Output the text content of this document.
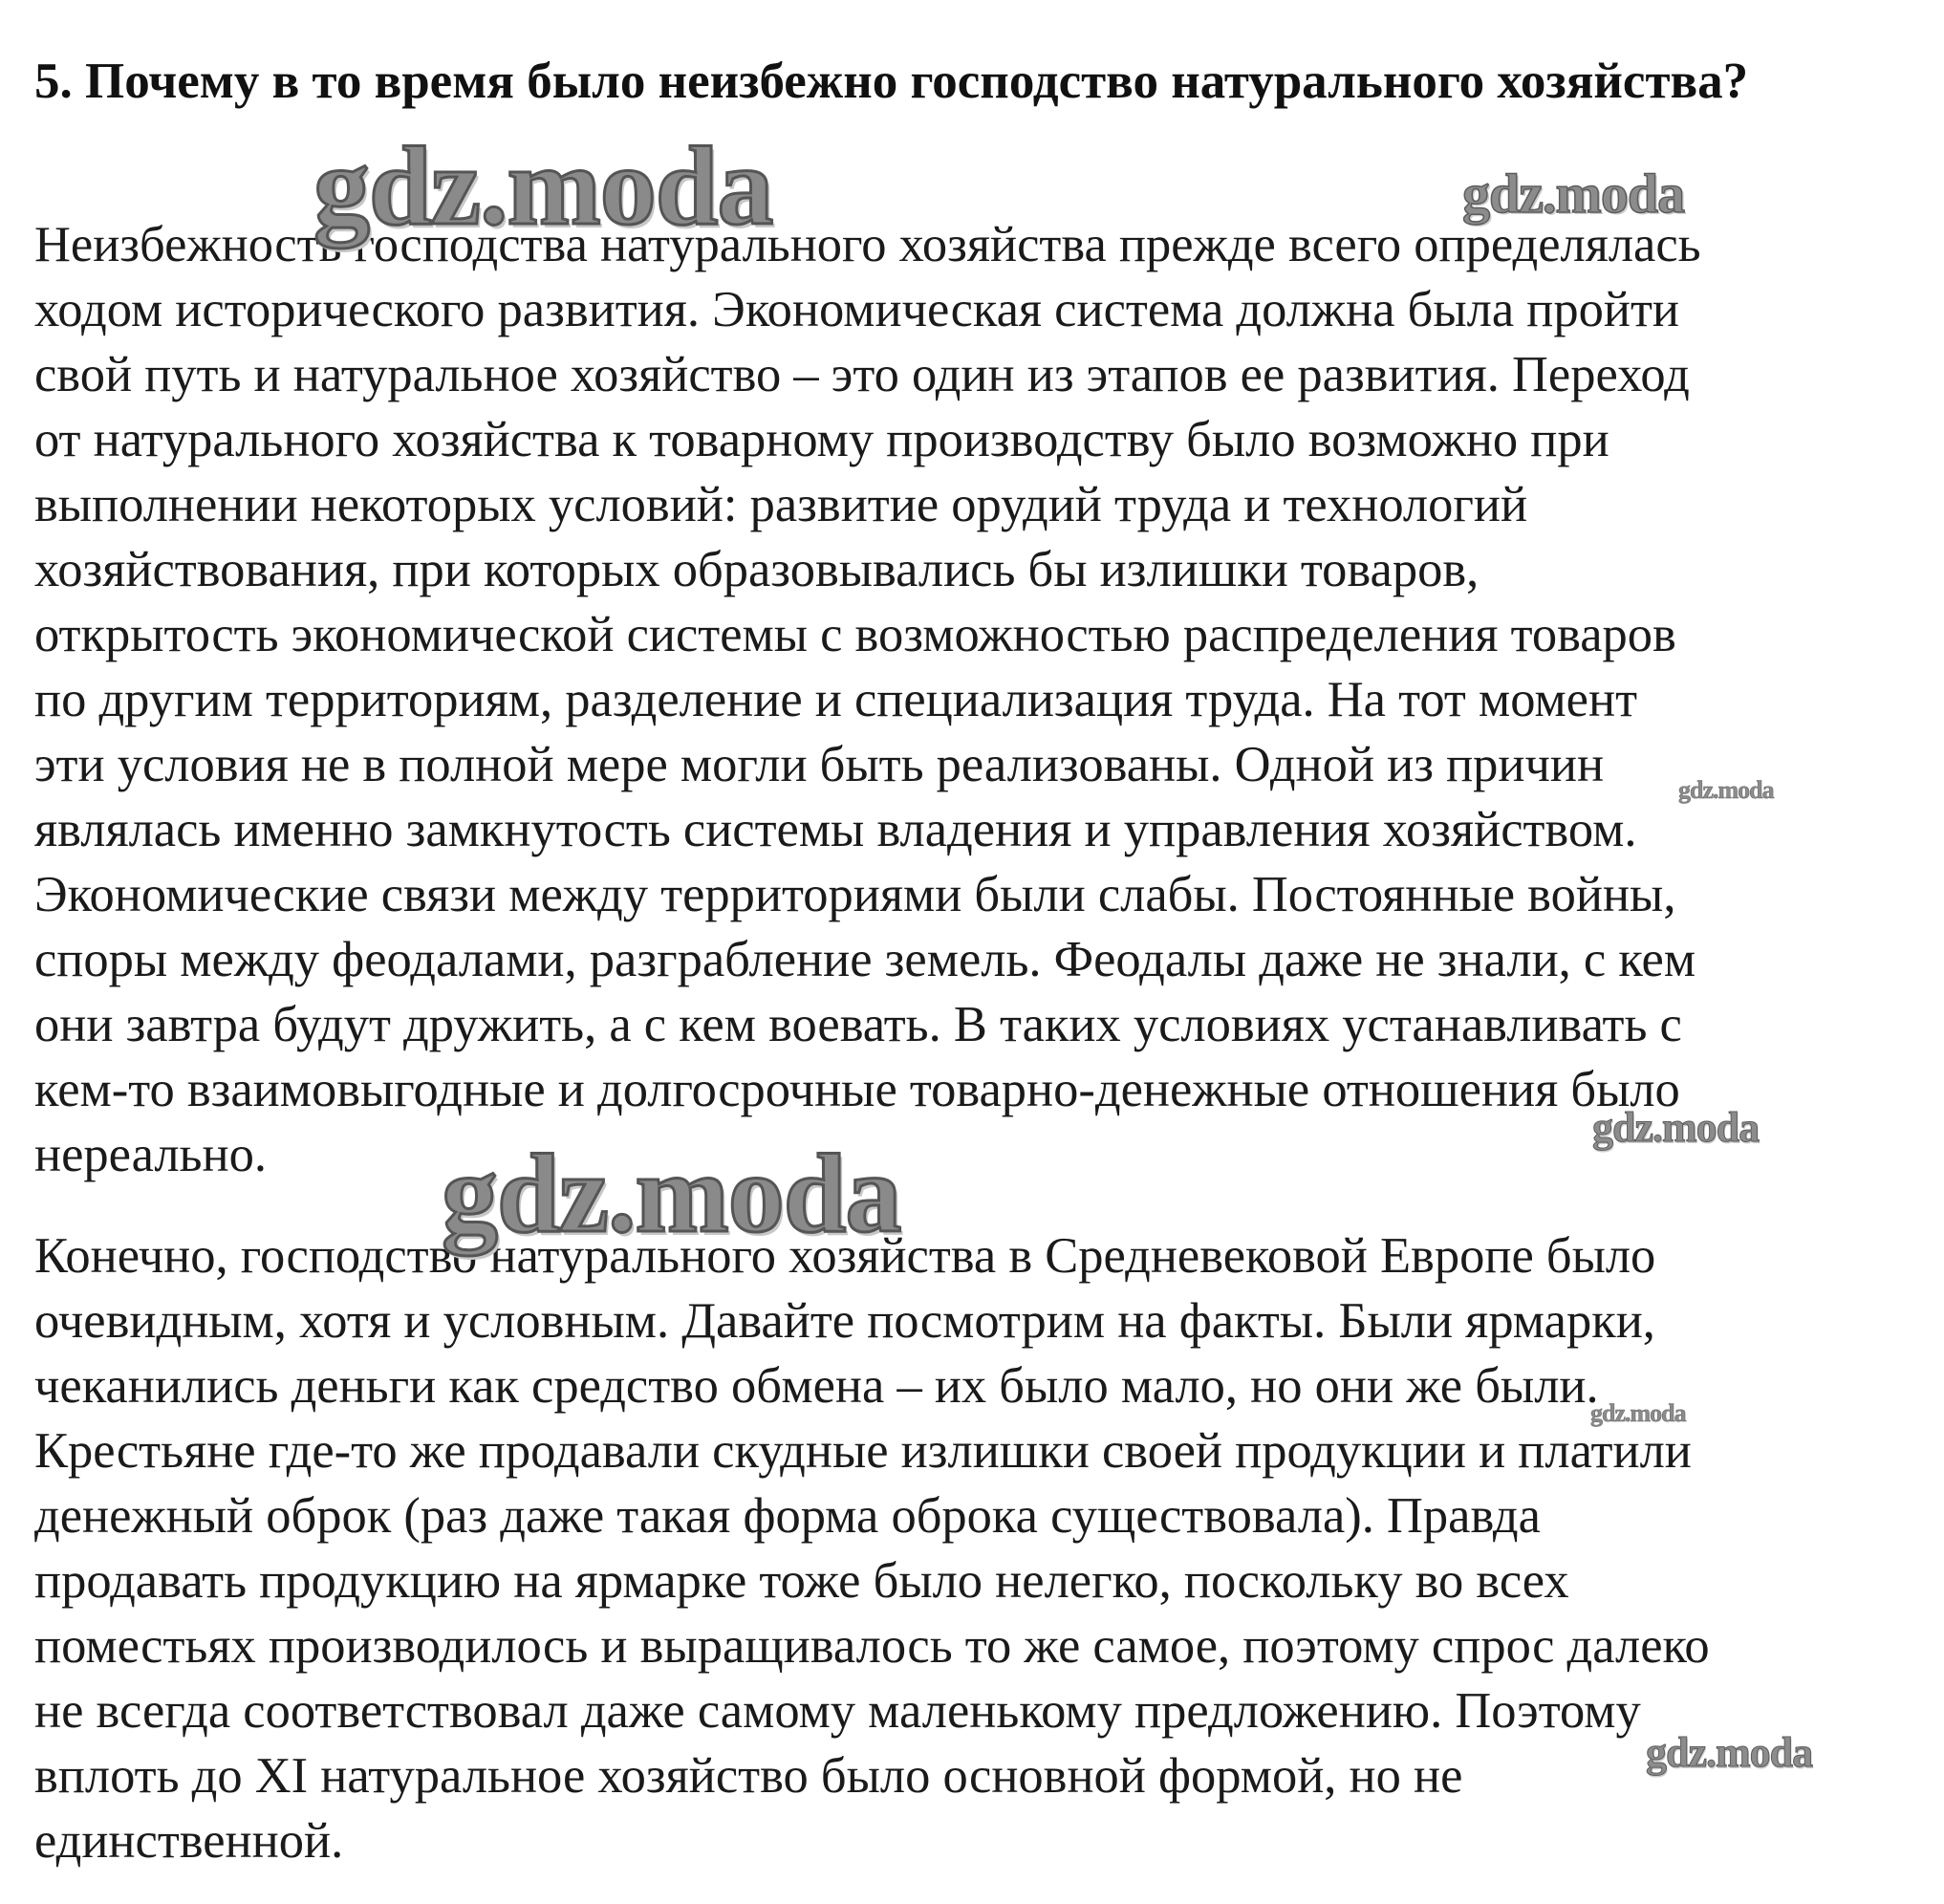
5. Почему в то время было неизбежно господство натурального хозяйства?

Неизбежность господства натурального хозяйства прежде всего определялась
ходом исторического развития. Экономическая система должна была пройти
свой путь и натуральное хозяйство – это один из этапов ее развития. Переход
от натурального хозяйства к товарному производству было возможно при
выполнении некоторых условий: развитие орудий труда и технологий
хозяйствования, при которых образовывались бы излишки товаров,
открытость экономической системы с возможностью распределения товаров
по другим территориям, разделение и специализация труда. На тот момент
эти условия не в полной мере могли быть реализованы. Одной из причин
являлась именно замкнутость системы владения и управления хозяйством.
Экономические связи между территориями были слабы. Постоянные войны,
споры между феодалами, разграбление земель. Феодалы даже не знали, с кем
они завтра будут дружить, а с кем воевать. В таких условиях устанавливать с
кем-то взаимовыгодные и долгосрочные товарно-денежные отношения было
нереально.

Конечно, господство натурального хозяйства в Средневековой Европе было
очевидным, хотя и условным. Давайте посмотрим на факты. Были ярмарки,
чеканились деньги как средство обмена – их было мало, но они же были.
Крестьяне где-то же продавали скудные излишки своей продукции и платили
денежный оброк (раз даже такая форма оброка существовала). Правда
продавать продукцию на ярмарке тоже было нелегко, поскольку во всех
поместьях производилось и выращивалось то же самое, поэтому спрос далеко
не всегда соответствовал даже самому маленькому предложению. Поэтому
вплоть до XI натуральное хозяйство было основной формой, но не
единственной.

gdz.moda	gdz.moda
gdz.moda
gdz.moda
gdz.moda
gdz.moda
gdz.moda
